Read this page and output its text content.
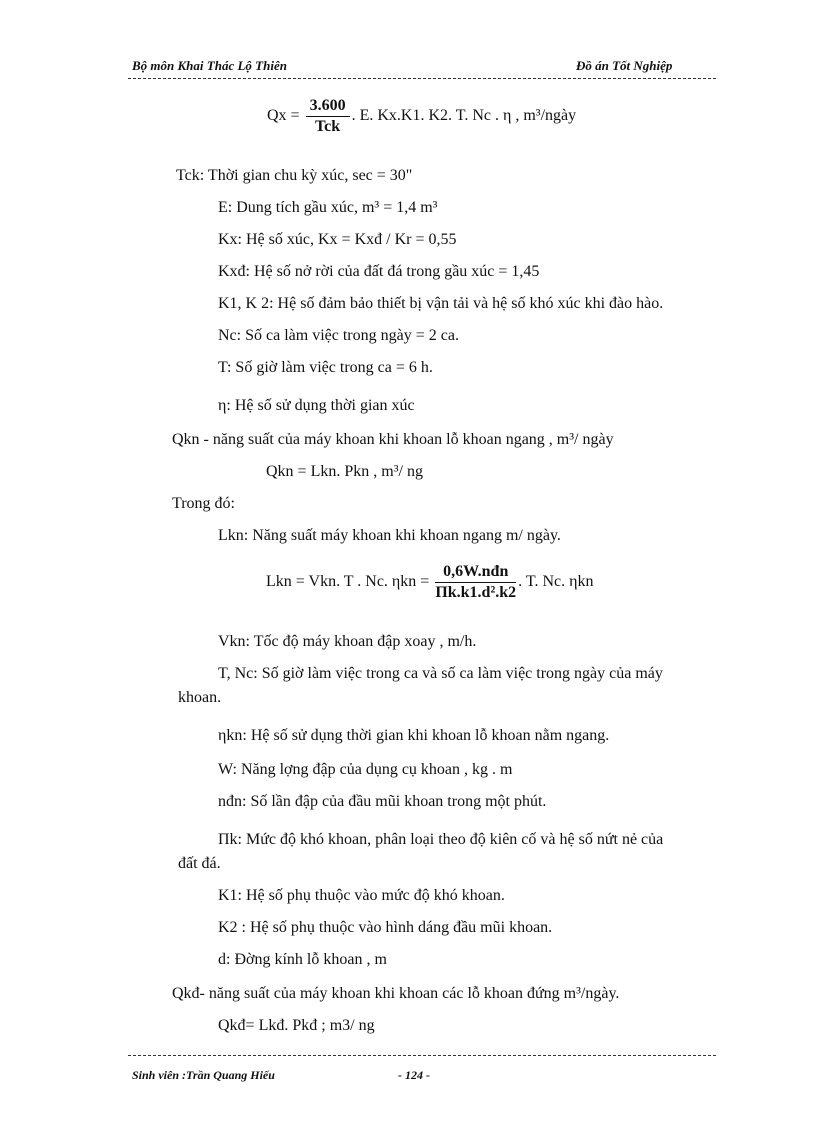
Bộ môn Khai Thác Lộ Thiên	Đồ án Tốt Nghiệp
$Qx = \frac{3.600}{\text{Tck}}$ . E. Kx.K1. K2. T. Nc . η , m³/ngày
Tck: Thời gian chu kỳ xúc, sec = 30"
E: Dung tích gầu xúc, m³ = 1,4 m³
Kx: Hệ số xúc, Kx = Kxđ / Kr = 0,55
Kxđ: Hệ số nở rời của đất đá trong gầu xúc = 1,45
K1, K 2: Hệ số đảm bảo thiết bị vận tải và hệ số khó xúc khi đào hào.
Nc: Số ca làm việc trong ngày = 2 ca.
T: Số giờ làm việc trong ca = 6 h.
η: Hệ số sử dụng thời gian xúc
Qkn - năng suất của máy khoan khi khoan lỗ khoan ngang , m³/ ngày
Qkn = Lkn. Pkn , m³/ ng
Trong đó:
Lkn: Năng suất máy khoan khi khoan ngang m/ ngày.
Lkn = Vkn. T . Nc. $\eta kn = \frac{\text{0,6W.nđn}}{\text{Πk.k1.d².k2}}$ . T. Nc. ηkn
Vkn: Tốc độ máy khoan đập xoay , m/h.
T, Nc: Số giờ làm việc trong ca và số ca làm việc trong ngày của máy
khoan.
ηkn: Hệ số sử dụng thời gian khi khoan lỗ khoan nằm ngang.
W: Năng lợng đập của dụng cụ khoan , kg . m
nđn: Số lần đập của đầu mũi khoan trong một phút.
Πk: Mức độ khó khoan, phân loại theo độ kiên cố và hệ số nứt nẻ của
đất đá.
K1: Hệ số phụ thuộc vào mức độ khó khoan.
K2 : Hệ số phụ thuộc vào hình dáng đầu mũi khoan.
d: Đờng kính lỗ khoan , m
Qkđ- năng suất của máy khoan khi khoan các lỗ khoan đứng m³/ngày.
Qkđ= Lkđ. Pkđ ; m3/ ng
Sinh viên :Trần Quang Hiếu	- 124 -
